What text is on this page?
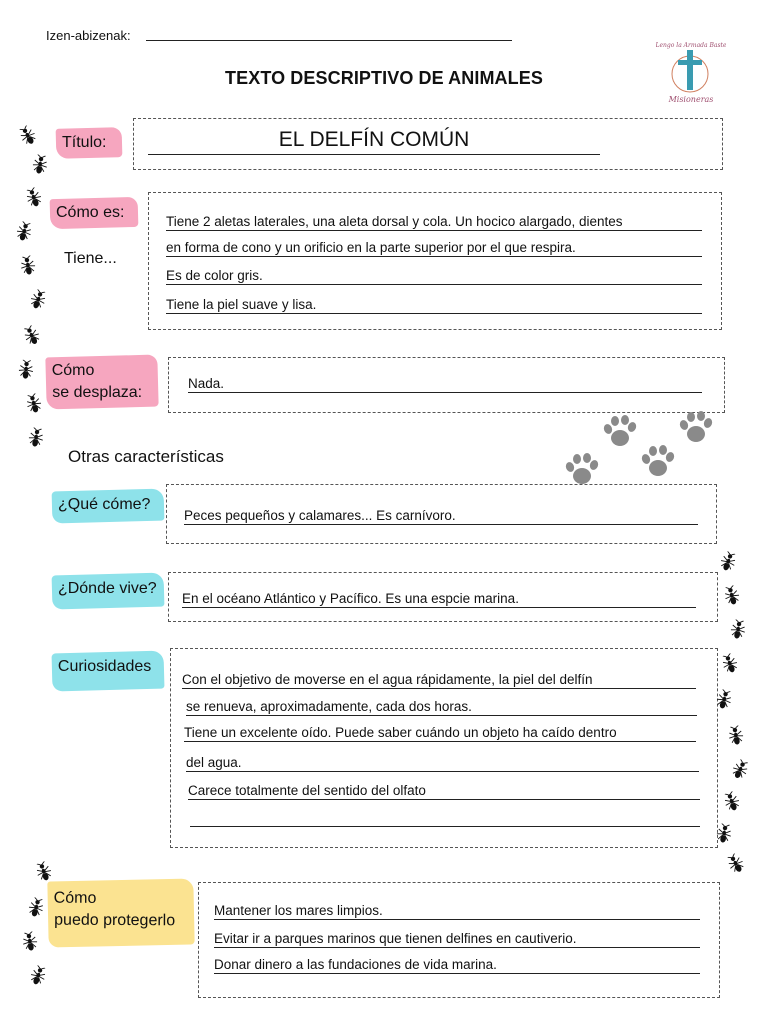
Izen-abizenak:
TEXTO DESCRIPTIVO DE ANIMALES
Lengo la Armada Baste
Misioneras
Título:	EL DELFÍN COMÚN
Cómo es:
Tiene...
Tiene 2 aletas laterales, una aleta dorsal y cola. Un hocico alargado, dientes
en forma de cono y un orificio en la parte superior por el que respira.
Es de color gris.
Tiene la piel suave y lisa.
Cómo
se desplaza:
Nada.
Otras características
¿Qué cóme?
Peces pequeños y calamares... Es carnívoro.
¿Dónde vive?
En el océano Atlántico y Pacífico. Es una espcie marina.
Curiosidades
Con el objetivo de moverse en el agua rápidamente, la piel del delfín
se renueva, aproximadamente, cada dos horas.
Tiene un excelente oído. Puede saber cuándo un objeto ha caído dentro
del agua.
Carece totalmente del sentido del olfato
Cómo
puedo protegerlo
Mantener los mares limpios.
Evitar ir a parques marinos que tienen delfines en cautiverio.
Donar dinero a las fundaciones de vida marina.
